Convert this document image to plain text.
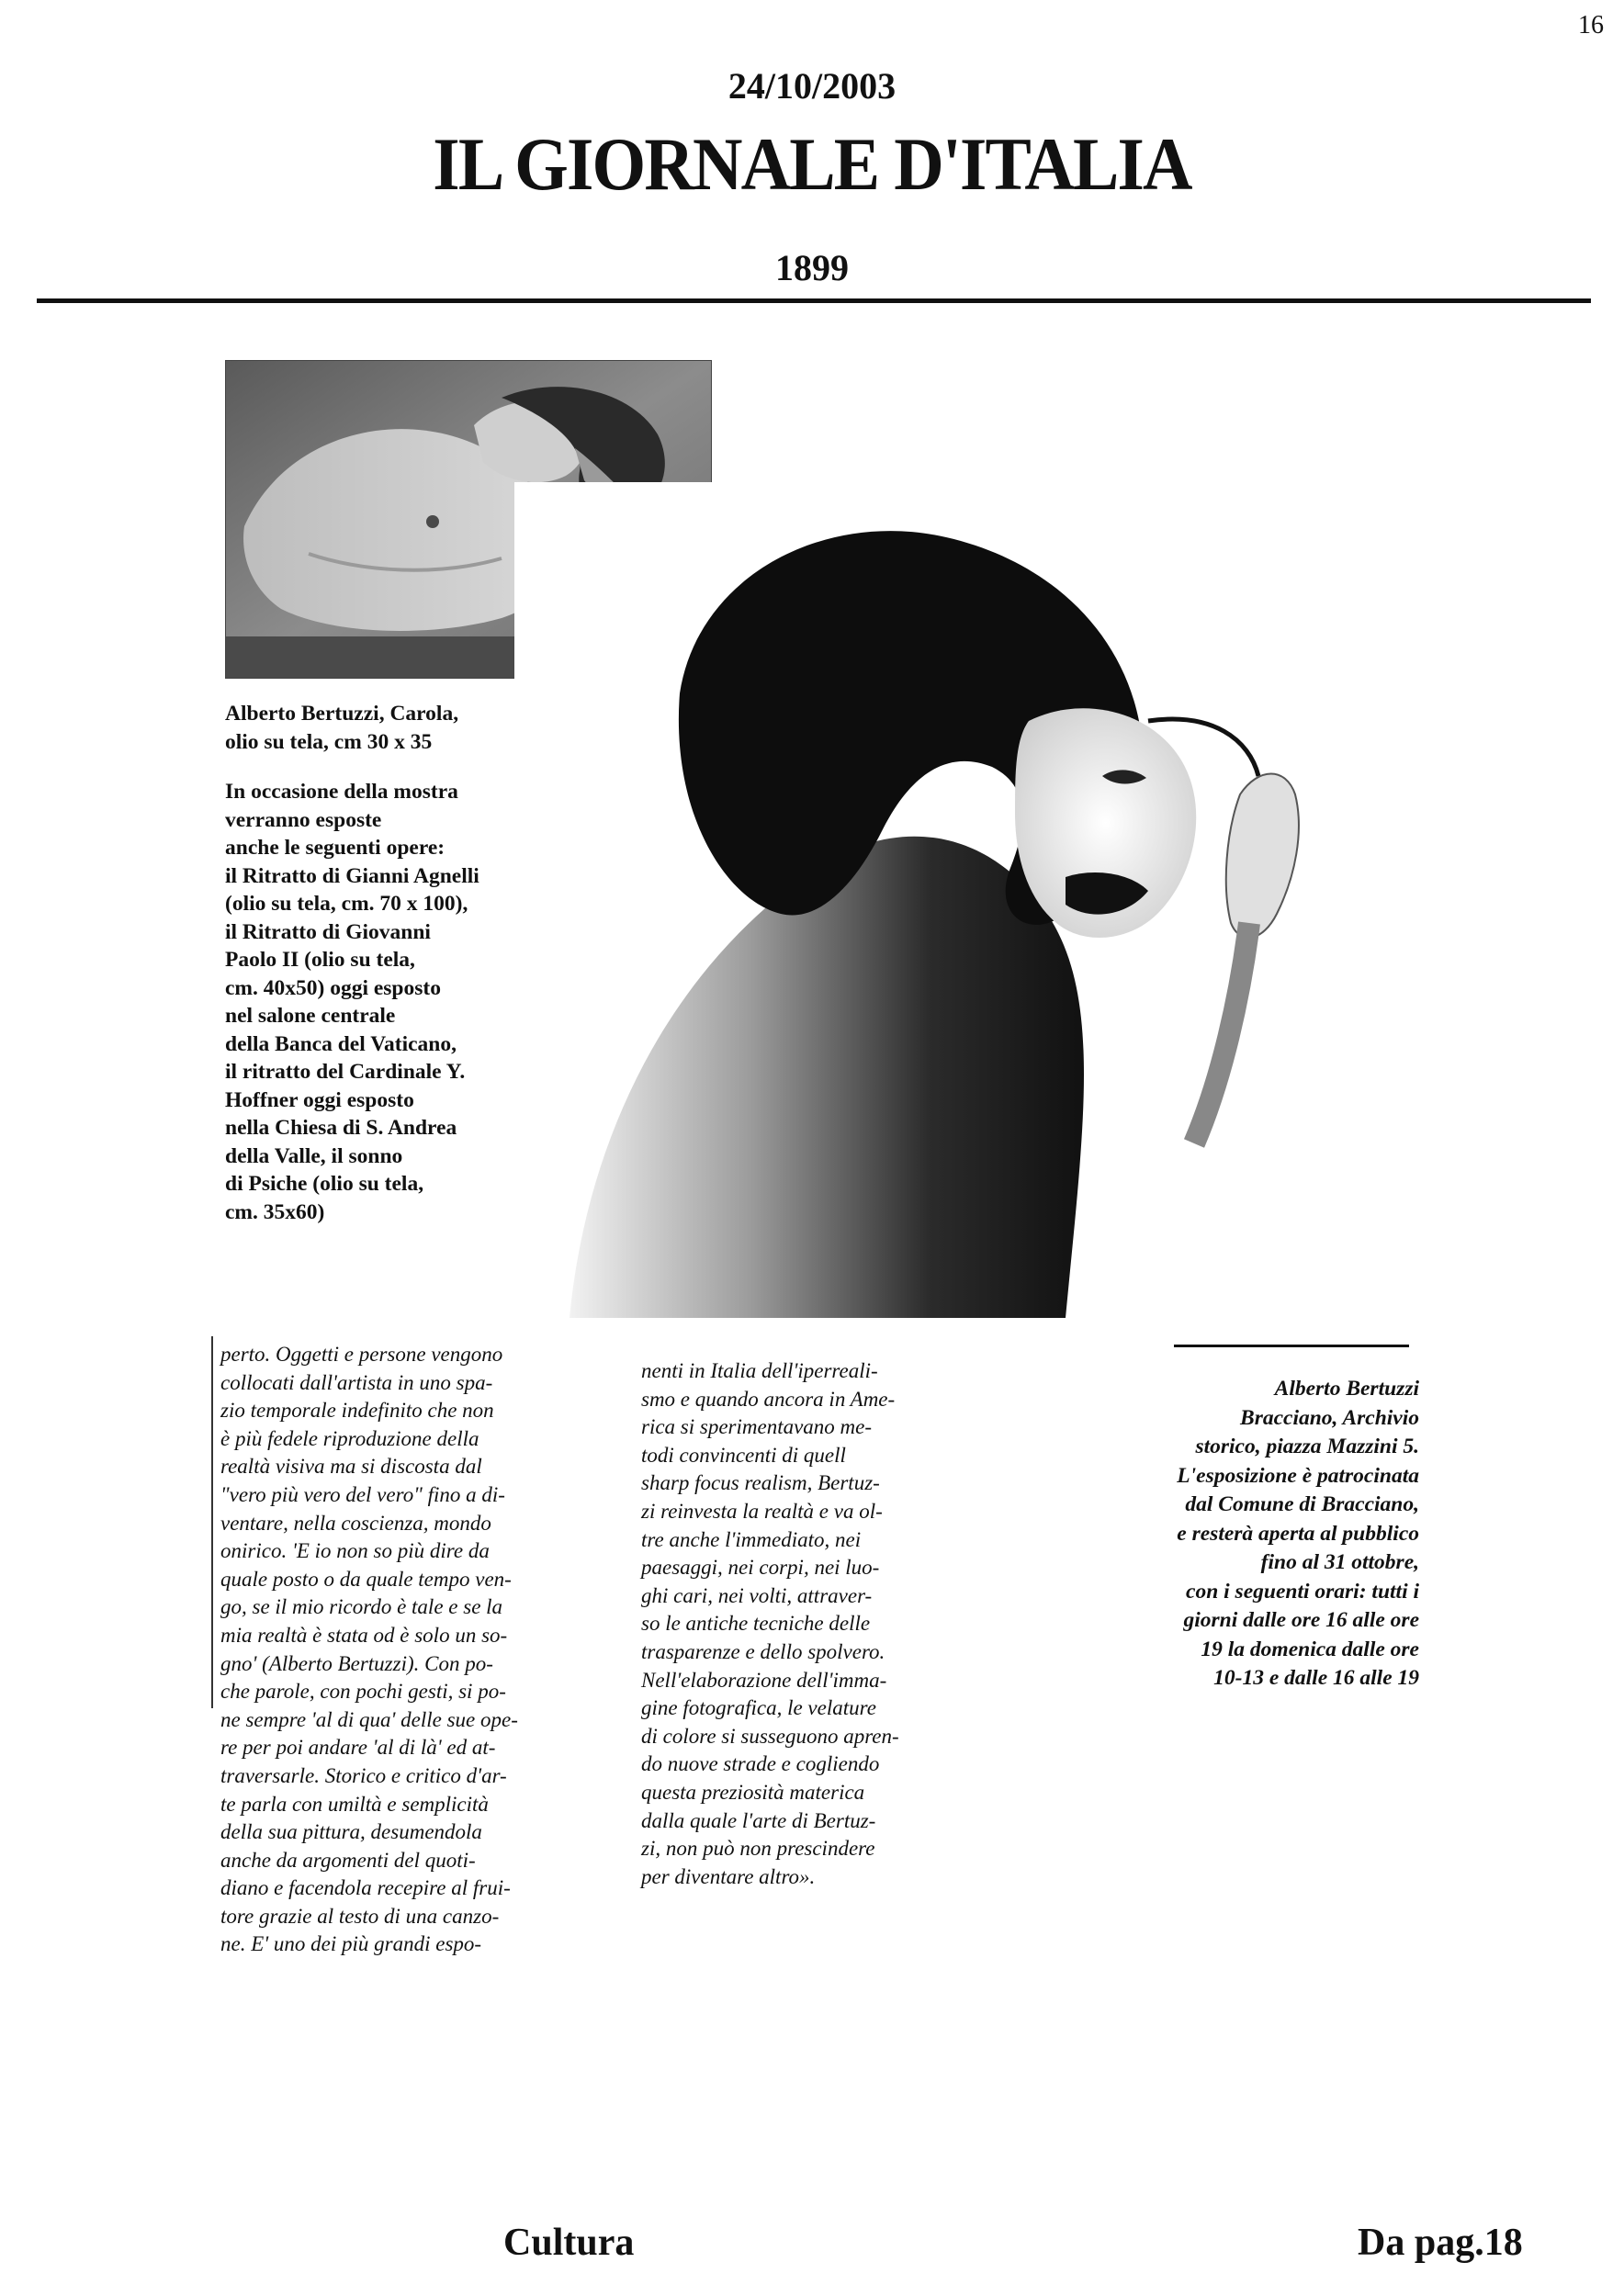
16
24/10/2003
IL GIORNALE D'ITALIA
1899
Alberto Bertuzzi, Carola,
olio su tela, cm 30 x 35
In occasione della mostra
verranno esposte
anche le seguenti opere:
il Ritratto di Gianni Agnelli
(olio su tela, cm. 70 x 100),
il Ritratto di Giovanni
Paolo II (olio su tela,
cm. 40x50) oggi esposto
nel salone centrale
della Banca del Vaticano,
il ritratto del Cardinale Y.
Hoffner oggi esposto
nella Chiesa di S. Andrea
della Valle, il sonno
di Psiche (olio su tela,
cm. 35x60)
perto. Oggetti e persone vengono
collocati dall'artista in uno spa-
zio temporale indefinito che non
è più fedele riproduzione della
realtà visiva ma si discosta dal
"vero più vero del vero" fino a di-
ventare, nella coscienza, mondo
onirico. 'E io non so più dire da
quale posto o da quale tempo ven-
go, se il mio ricordo è tale e se la
mia realtà è stata od è solo un so-
gno' (Alberto Bertuzzi). Con po-
che parole, con pochi gesti, si po-
ne sempre 'al di qua' delle sue ope-
re per poi andare 'al di là' ed at-
traversarle. Storico e critico d'ar-
te parla con umiltà e semplicità
della sua pittura, desumendola
anche da argomenti del quoti-
diano e facendola recepire al frui-
tore grazie al testo di una canzo-
ne. E' uno dei più grandi espo-
nenti in Italia dell'iperreali-
smo e quando ancora in Ame-
rica si sperimentavano me-
todi convincenti di quell
sharp focus realism, Bertuz-
zi reinvesta la realtà e va ol-
tre anche l'immediato, nei
paesaggi, nei corpi, nei luo-
ghi cari, nei volti, attraver-
so le antiche tecniche delle
trasparenze e dello spolvero.
Nell'elaborazione dell'imma-
gine fotografica, le velature
di colore si susseguono apren-
do nuove strade e cogliendo
questa preziosità materica
dalla quale l'arte di Bertuz-
zi, non può non prescindere
per diventare altro».
Alberto Bertuzzi
Bracciano, Archivio
storico, piazza Mazzini 5.
L'esposizione è patrocinata
dal Comune di Bracciano,
e resterà aperta al pubblico
fino al 31 ottobre,
con i seguenti orari: tutti i
giorni dalle ore 16 alle ore
19 la domenica dalle ore
10-13 e dalle 16 alle 19
Cultura	Da pag.18
